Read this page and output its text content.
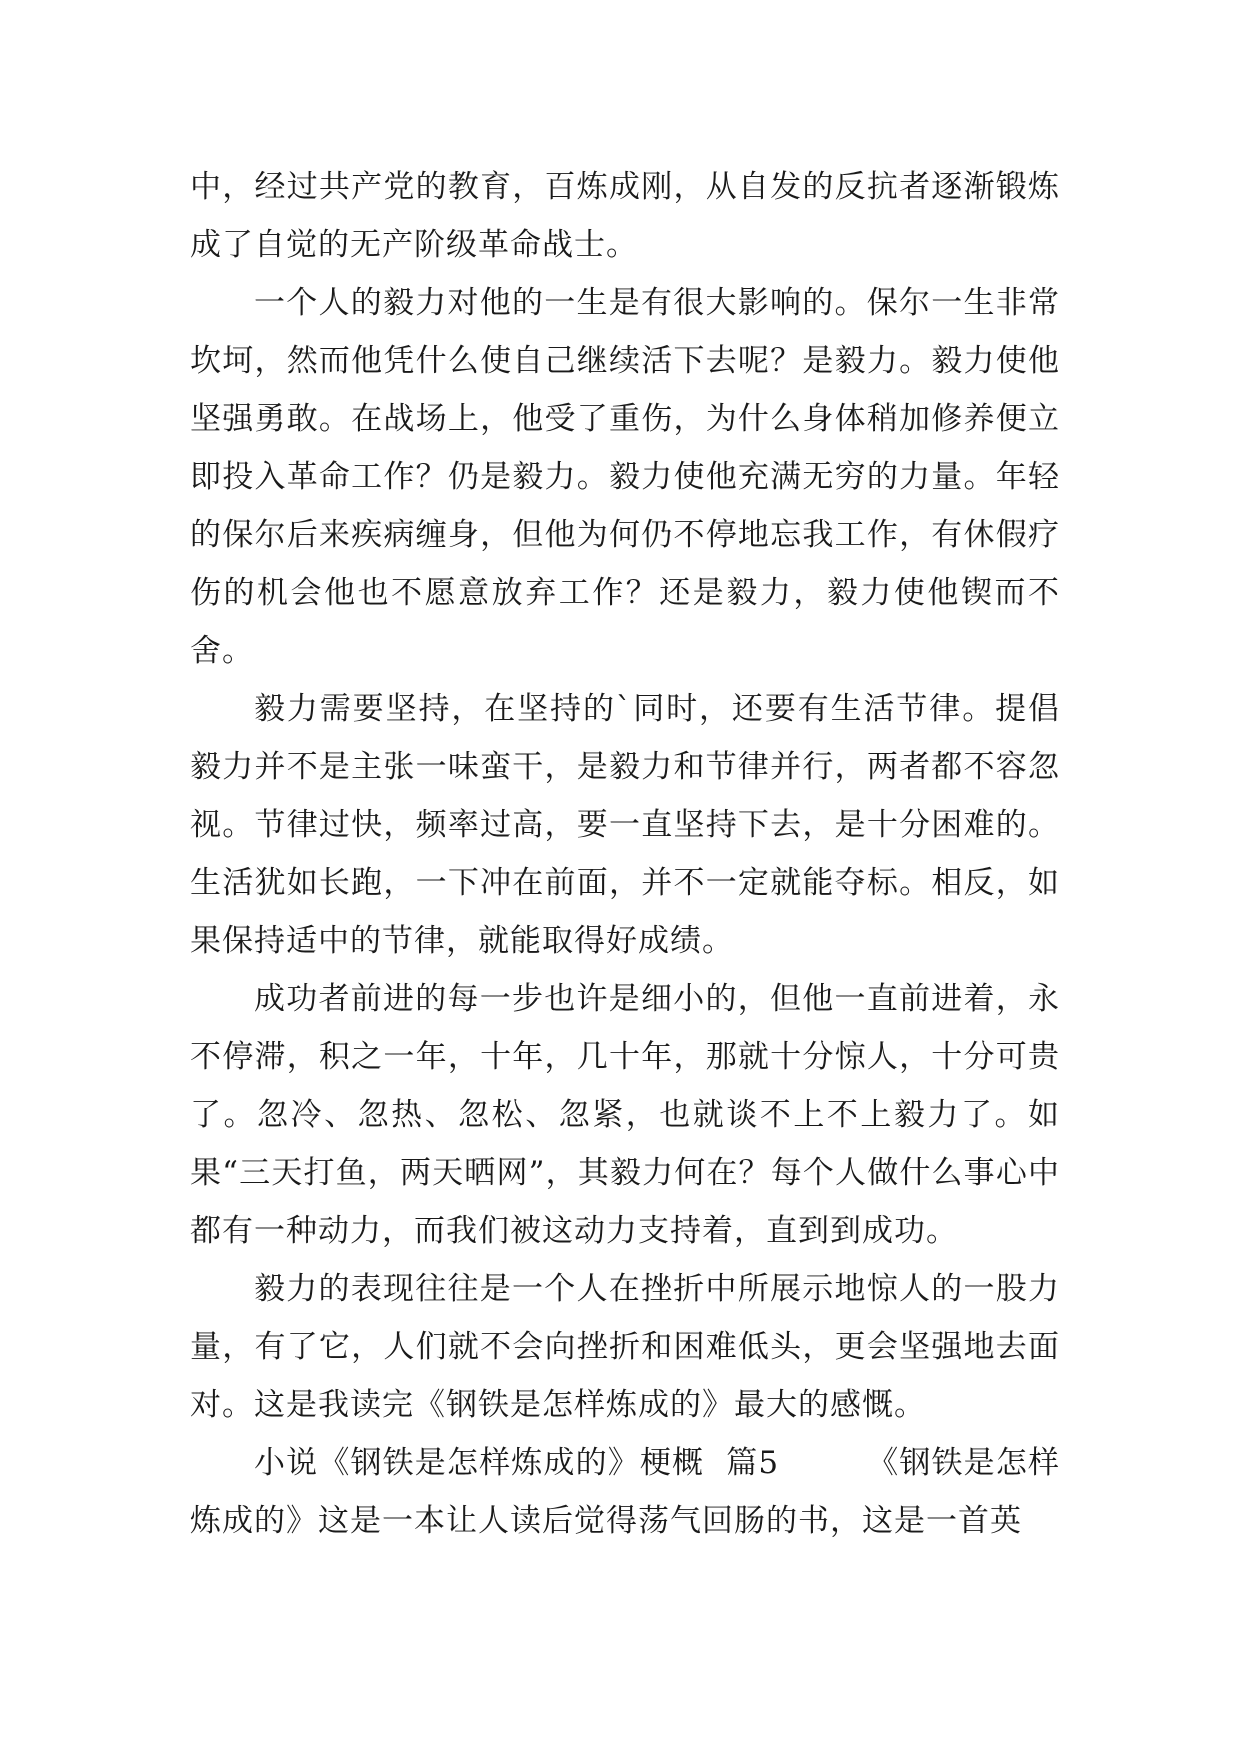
中，经过共产党的教育，百炼成刚，从自发的反抗者逐渐锻炼成了自觉的无产阶级革命战士。

一个人的毅力对他的一生是有很大影响的。保尔一生非常坎坷，然而他凭什么使自己继续活下去呢？是毅力。毅力使他坚强勇敢。在战场上，他受了重伤，为什么身体稍加修养便立即投入革命工作？仍是毅力。毅力使他充满无穷的力量。年轻的保尔后来疾病缠身，但他为何仍不停地忘我工作，有休假疗伤的机会他也不愿意放弃工作？还是毅力，毅力使他锲而不舍。

毅力需要坚持，在坚持的`同时，还要有生活节律。提倡毅力并不是主张一味蛮干，是毅力和节律并行，两者都不容忽视。节律过快，频率过高，要一直坚持下去，是十分困难的。生活犹如长跑，一下冲在前面，并不一定就能夺标。相反，如果保持适中的节律，就能取得好成绩。

成功者前进的每一步也许是细小的，但他一直前进着，永不停滞，积之一年，十年，几十年，那就十分惊人，十分可贵了。忽冷、忽热、忽松、忽紧，也就谈不上不上毅力了。如果“三天打鱼，两天晒网”，其毅力何在？每个人做什么事心中都有一种动力，而我们被这动力支持着，直到到成功。

毅力的表现往往是一个人在挫折中所展示地惊人的一股力量，有了它，人们就不会向挫折和困难低头，更会坚强地去面对。这是我读完《钢铁是怎样炼成的》最大的感慨。

小说《钢铁是怎样炼成的》梗概  篇5        《钢铁是怎样炼成的》这是一本让人读后觉得荡气回肠的书，这是一首英
